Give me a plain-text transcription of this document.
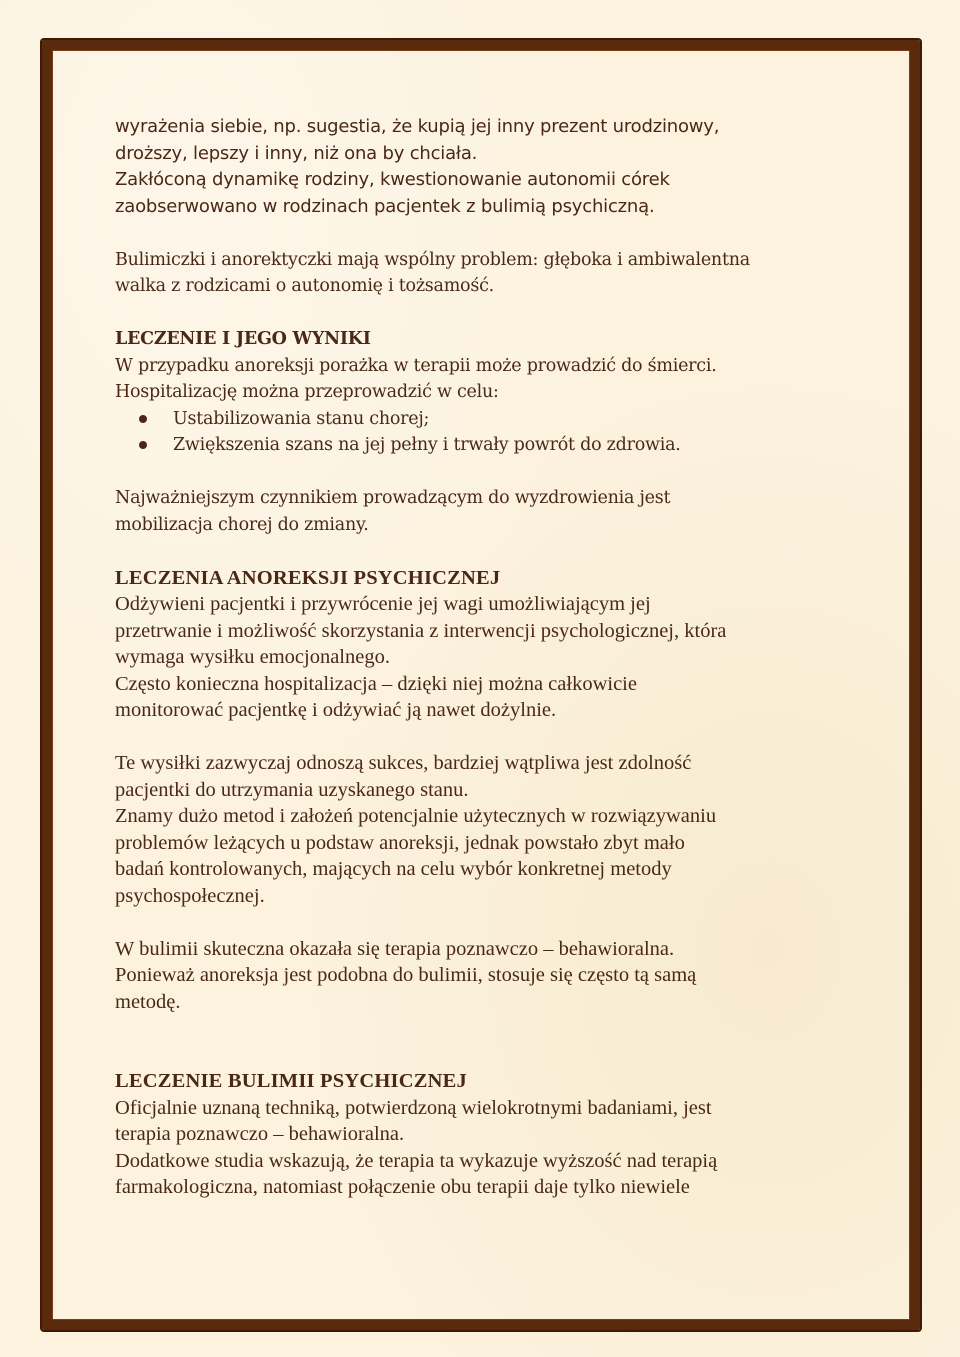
wyrażenia siebie, np. sugestia, że kupią jej inny prezent urodzinowy,
droższy, lepszy i inny, niż ona by chciała.
Zakłóconą dynamikę rodziny, kwestionowanie autonomii córek
zaobserwowano w rodzinach pacjentek z bulimią psychiczną.

Bulimiczki i anorektyczki mają wspólny problem: głęboka i ambiwalentna
walka z rodzicami o autonomię i tożsamość.

LECZENIE I JEGO WYNIKI

W przypadku anoreksji porażka w terapii może prowadzić do śmierci.
Hospitalizację można przeprowadzić w celu:

Ustabilizowania stanu chorej;
Zwiększenia szans na jej pełny i trwały powrót do zdrowia.

Najważniejszym czynnikiem prowadzącym do wyzdrowienia jest
mobilizacja chorej do zmiany.

LECZENIA ANOREKSJI PSYCHICZNEJ

Odżywieni pacjentki i przywrócenie jej wagi umożliwiającym jej
przetrwanie i możliwość skorzystania z interwencji psychologicznej, która
wymaga wysiłku emocjonalnego.
Często konieczna hospitalizacja – dzięki niej można całkowicie
monitorować pacjentkę i odżywiać ją nawet dożylnie.

Te wysiłki zazwyczaj odnoszą sukces, bardziej wątpliwa jest zdolność
pacjentki do utrzymania uzyskanego stanu.
Znamy dużo metod i założeń potencjalnie użytecznych w rozwiązywaniu
problemów leżących u podstaw anoreksji, jednak powstało zbyt mało
badań kontrolowanych, mających na celu wybór konkretnej metody
psychospołecznej.

W bulimii skuteczna okazała się terapia poznawczo – behawioralna.
Ponieważ anoreksja jest podobna do bulimii, stosuje się często tą samą
metodę.

LECZENIE BULIMII PSYCHICZNEJ

Oficjalnie uznaną techniką, potwierdzoną wielokrotnymi badaniami, jest
terapia poznawczo – behawioralna.
Dodatkowe studia wskazują, że terapia ta wykazuje wyższość nad terapią
farmakologiczna, natomiast połączenie obu terapii daje tylko niewiele
